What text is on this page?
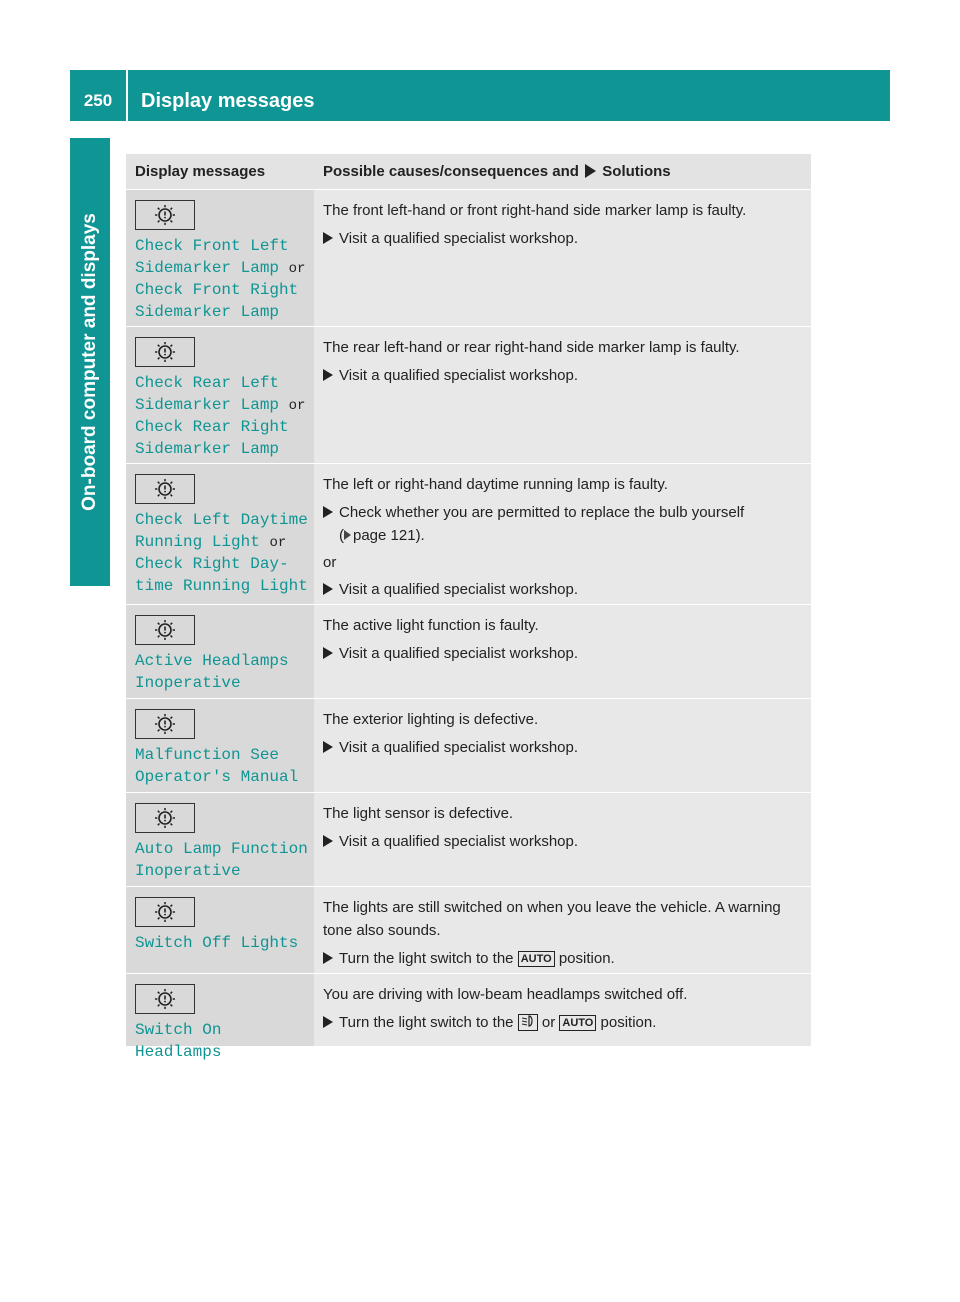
250	Display messages
On-board computer and displays
Display messages	Possible causes/consequences and Solutions
Check Front Left
Sidemarker Lamp or
Check Front Right
Sidemarker Lamp

The front left-hand or front right-hand side marker lamp is faulty.

Visit a qualified specialist workshop.

Check Rear Left
Sidemarker Lamp or
Check Rear Right
Sidemarker Lamp

The rear left-hand or rear right-hand side marker lamp is faulty.

Visit a qualified specialist workshop.

Check Left Daytime
Running Light or
Check Right Day‐
time Running Light

The left or right-hand daytime running lamp is faulty.

Check whether you are permitted to replace the bulb yourself
( page 121).

or

Visit a qualified specialist workshop.

Active Headlamps
Inoperative

The active light function is faulty.

Visit a qualified specialist workshop.

Malfunction See
Operator's Manual

The exterior lighting is defective.

Visit a qualified specialist workshop.

Auto Lamp Function
Inoperative

The light sensor is defective.

Visit a qualified specialist workshop.

Switch Off Lights

The lights are still switched on when you leave the vehicle. A warning tone also sounds.

Turn the light switch to the AUTO position.

Switch On Headlamps

You are driving with low-beam headlamps switched off.

Turn the light switch to the or AUTO position.
